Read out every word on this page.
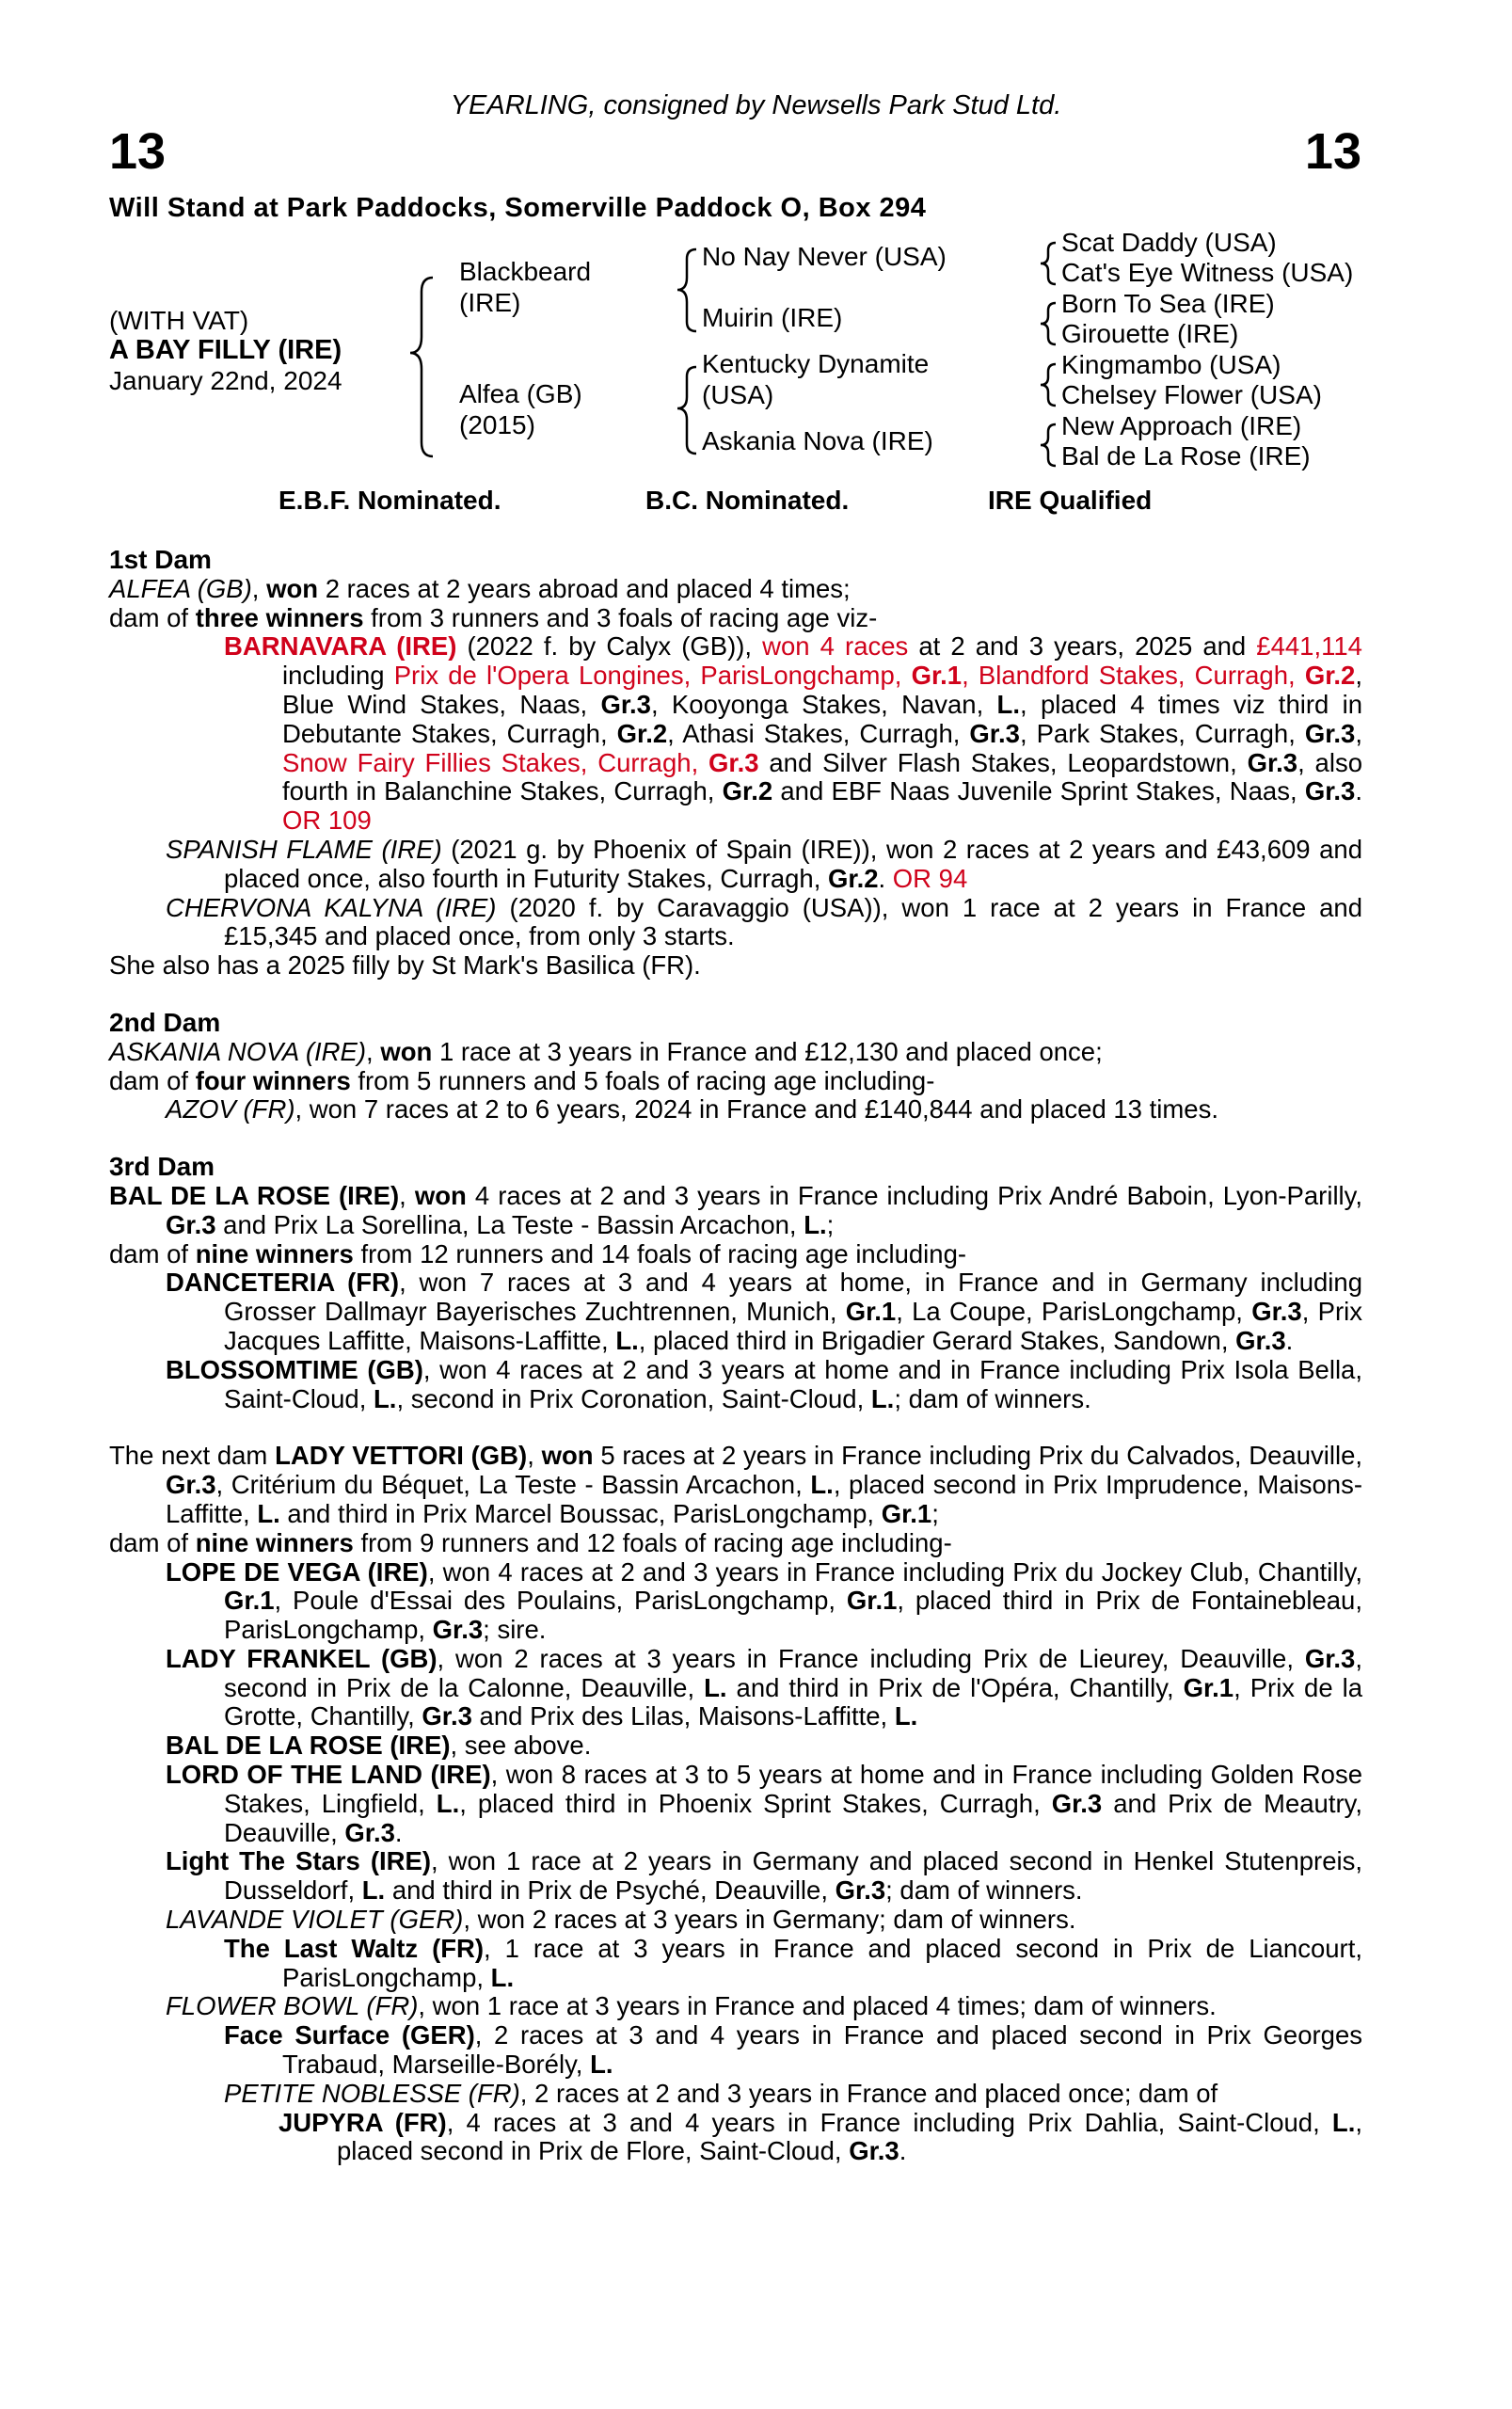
YEARLING, consigned by Newsells Park Stud Ltd.
13	13
Will Stand at Park Paddocks, Somerville Paddock O, Box 294
(WITH VAT)
A BAY FILLY (IRE)
January 22nd, 2024
Blackbeard
(IRE)
Alfea (GB)
(2015)
No Nay Never (USA)
Muirin (IRE)
Kentucky Dynamite
(USA)
Askania Nova (IRE)
Scat Daddy (USA)
Cat's Eye Witness (USA)
Born To Sea (IRE)
Girouette (IRE)
Kingmambo (USA)
Chelsey Flower (USA)
New Approach (IRE)
Bal de La Rose (IRE)
E.B.F. Nominated.	B.C. Nominated.	IRE Qualified

1st Dam

ALFEA (GB), won 2 races at 2 years abroad and placed 4 times;

dam of three winners from 3 runners and 3 foals of racing age viz-

BARNAVARA (IRE) (2022 f. by Calyx (GB)), won 4 races at 2 and 3 years, 2025 and £441,114 including Prix de l'Opera Longines, ParisLongchamp, Gr.1, Blandford Stakes, Curragh, Gr.2, Blue Wind Stakes, Naas, Gr.3, Kooyonga Stakes, Navan, L., placed 4 times viz third in Debutante Stakes, Curragh, Gr.2, Athasi Stakes, Curragh, Gr.3, Park Stakes, Curragh, Gr.3, Snow Fairy Fillies Stakes, Curragh, Gr.3 and Silver Flash Stakes, Leopardstown, Gr.3, also fourth in Balanchine Stakes, Curragh, Gr.2 and EBF Naas Juvenile Sprint Stakes, Naas, Gr.3. OR 109

SPANISH FLAME (IRE) (2021 g. by Phoenix of Spain (IRE)), won 2 races at 2 years and £43,609 and placed once, also fourth in Futurity Stakes, Curragh, Gr.2. OR 94

CHERVONA KALYNA (IRE) (2020 f. by Caravaggio (USA)), won 1 race at 2 years in France and £15,345 and placed once, from only 3 starts.

She also has a 2025 filly by St Mark's Basilica (FR).

2nd Dam

ASKANIA NOVA (IRE), won 1 race at 3 years in France and £12,130 and placed once;

dam of four winners from 5 runners and 5 foals of racing age including-

AZOV (FR), won 7 races at 2 to 6 years, 2024 in France and £140,844 and placed 13 times.

3rd Dam

BAL DE LA ROSE (IRE), won 4 races at 2 and 3 years in France including Prix André Baboin, Lyon-Parilly, Gr.3 and Prix La Sorellina, La Teste - Bassin Arcachon, L.;

dam of nine winners from 12 runners and 14 foals of racing age including-

DANCETERIA (FR), won 7 races at 3 and 4 years at home, in France and in Germany including Grosser Dallmayr Bayerisches Zuchtrennen, Munich, Gr.1, La Coupe, ParisLongchamp, Gr.3, Prix Jacques Laffitte, Maisons-Laffitte, L., placed third in Brigadier Gerard Stakes, Sandown, Gr.3.

BLOSSOMTIME (GB), won 4 races at 2 and 3 years at home and in France including Prix Isola Bella, Saint-Cloud, L., second in Prix Coronation, Saint-Cloud, L.; dam of winners.

The next dam LADY VETTORI (GB), won 5 races at 2 years in France including Prix du Calvados, Deauville, Gr.3, Critérium du Béquet, La Teste - Bassin Arcachon, L., placed second in Prix Imprudence, Maisons-Laffitte, L. and third in Prix Marcel Boussac, ParisLongchamp, Gr.1;

dam of nine winners from 9 runners and 12 foals of racing age including-

LOPE DE VEGA (IRE), won 4 races at 2 and 3 years in France including Prix du Jockey Club, Chantilly, Gr.1, Poule d'Essai des Poulains, ParisLongchamp, Gr.1, placed third in Prix de Fontainebleau, ParisLongchamp, Gr.3; sire.

LADY FRANKEL (GB), won 2 races at 3 years in France including Prix de Lieurey, Deauville, Gr.3, second in Prix de la Calonne, Deauville, L. and third in Prix de l'Opéra, Chantilly, Gr.1, Prix de la Grotte, Chantilly, Gr.3 and Prix des Lilas, Maisons-Laffitte, L.

BAL DE LA ROSE (IRE), see above.

LORD OF THE LAND (IRE), won 8 races at 3 to 5 years at home and in France including Golden Rose Stakes, Lingfield, L., placed third in Phoenix Sprint Stakes, Curragh, Gr.3 and Prix de Meautry, Deauville, Gr.3.

Light The Stars (IRE), won 1 race at 2 years in Germany and placed second in Henkel Stutenpreis, Dusseldorf, L. and third in Prix de Psyché, Deauville, Gr.3; dam of winners.

LAVANDE VIOLET (GER), won 2 races at 3 years in Germany; dam of winners.

The Last Waltz (FR), 1 race at 3 years in France and placed second in Prix de Liancourt, ParisLongchamp, L.

FLOWER BOWL (FR), won 1 race at 3 years in France and placed 4 times; dam of winners.

Face Surface (GER), 2 races at 3 and 4 years in France and placed second in Prix Georges Trabaud, Marseille-Borély, L.

PETITE NOBLESSE (FR), 2 races at 2 and 3 years in France and placed once; dam of

JUPYRA (FR), 4 races at 3 and 4 years in France including Prix Dahlia, Saint-Cloud, L., placed second in Prix de Flore, Saint-Cloud, Gr.3.
